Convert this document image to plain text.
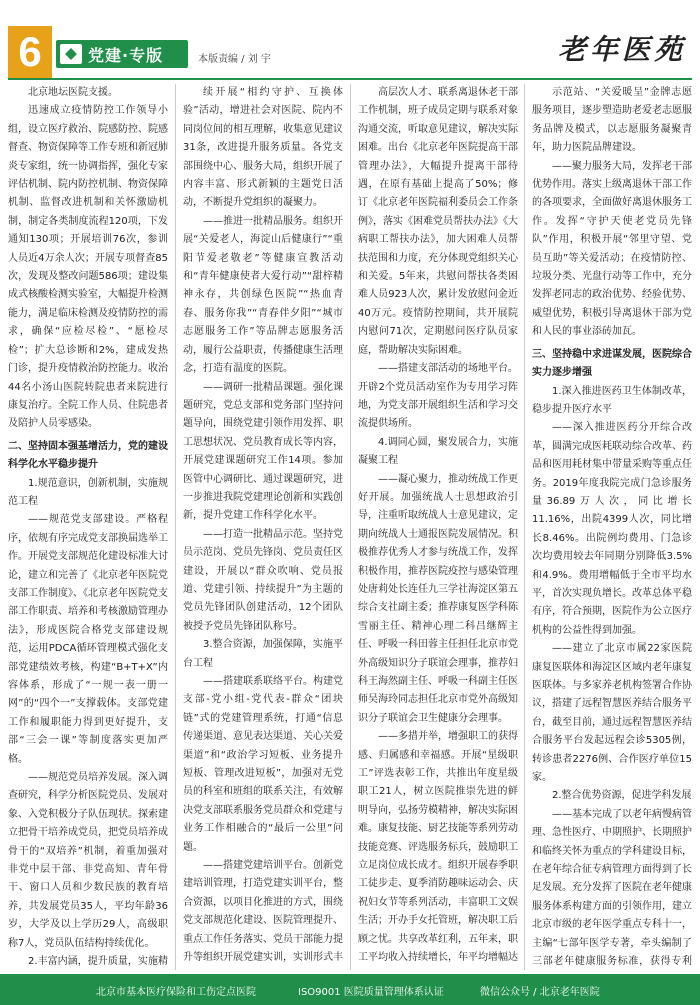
6	党建·专版	本版责编 / 刘 宇	老年医苑

北京地坛医院支援。

迅速成立疫情防控工作领导小组，设立医疗救治、院感防控、院感督查、物资保障等工作专班和新冠肺炎专家组，统一协调指挥，强化专家评估机制、院内防控机制、物资保障机制、监督改进机制和关怀激励机制，制定各类制度流程120项，下发通知130项；开展培训76次，参训人员近4万余人次；开展专项督查85次，发现及整改问题586项；建设集成式核酸检测实验室，大幅提升检测能力，满足临床检测及疫情防控的需求，确保“应检尽检”、“愿检尽检”；扩大总诊断和2%，建成发热门诊，提升疫情救治防控能力。收治44名小汤山医院转院患者来院进行康复治疗。全院工作人员、住院患者及陪护人员零感染。

二、坚持固本强基增活力，党的建设科学化水平稳步提升

1.规范意识，创新机制，实施规范工程

——规范党支部建设。严格程序，依规有序完成党支部换届选举工作。开展党支部规范化建设标准大讨论，建立和完善了《北京老年医院党支部工作制度》、《北京老年医院党支部工作职责、培养和考核激励管理办法》，形成医院合格党支部建设规范，运用PDCA循环管理模式强化支部党建绩效考核，构建“B+T+X”内容体系，形成了“一规一表一册一网”的“四个一”支撑载体。支部党建工作和履职能力得到更好提升，支部“三会一课”等制度落实更加严格。

——规范党员培养发展。深入调查研究，科学分析医院党员、发展对象、入党积极分子队伍现状。探索建立把骨干培养成党员，把党员培养成骨干的“双培养”机制，着重加强对非党中层干部、非党高知、青年骨干、窗口人员和少数民族的教育培养，共发展党员35人，平均年龄36岁，大学及以上学历29人，高级职称7人，党员队伍结构持续优化。

2.丰富内涵，提升质量，实施精

续开展“相约守护、互换体验”活动，增进社会对医院、院内不同岗位间的相互理解，收集意见建议31条，改进提升服务质量。各党支部围绕中心、服务大局，组织开展了内容丰富、形式新颖的主题党日活动，不断提升党组织的凝聚力。

——推进一批精品服务。组织开展“关爱老人，海淀山后健康行”“重阳节爱老敬老”等健康宣教活动和“青年健康使者大爱行动”“甜梓精神永存，共创绿色医院”“热血青春、服务你我”“青春伴夕阳”“城市志愿服务工作”等品牌志愿服务活动，履行公益职责，传播健康生活理念，打造有温度的医院。

——调研一批精品课题。强化课题研究，党总支部和党务部门坚持问题导向，围绕党建引领作用发挥、职工思想状况、党员教育成长等内容，开展党建课题研究工作14项。参加医管中心调研比、通过课题研究，进一步推进我院党建理论创新和实践创新，提升党建工作科学化水平。

——打造一批精品示范。坚持党员示范岗、党员先锋岗、党员责任区建设，开展以“群众吹响、党员报道、党建引领、持续提升”为主题的党员先锋团队创建活动，12个团队被授予党员先锋团队称号。

3.整合资源，加强保障，实施平台工程

——搭建联系联络平台。构建党支部-党小组-党代表-群众“团块链”式的党建管理系统，打通“信息传递渠道、意见表达渠道、关心关爱渠道”和“政治学习短板、业务提升短板、管理改进短板”，加强对无党员的科室和班组的联系关注，有效解决党支部联系服务党员群众和党建与业务工作相融合的“最后一公里”问题。

——搭建党建培训平台。创新党建培训管理，打造党建实训平台，整合资源，以项目化推进的方式，围绕党支部规范化建设、医院管理提升、重点工作任务落实、党员干部能力提升等组织开展党建实训，实训形式丰

高层次人才、联系离退休老干部工作机制，班子成员定期与联系对象沟通交流，听取意见建议，解决实际困难。出台《北京老年医院提高干部管理办法》，大幅提升提离干部待遇，在原有基础上提高了50%；修订《北京老年医院福利委员会工作条例》，落实《困难党员帮扶办法》《大病职工帮扶办法》，加大困难人员帮扶范围和力度，充分体现党组织关心和关爱。5年来，共慰问帮扶各类困难人员923人次，累计发放慰问金近40万元。疫情防控期间，共开展院内慰问71次，定期慰问医疗队员家庭，帮助解决实际困难。

——搭建支部活动的场地平台。开辟2个党员活动室作为专用学习阵地，为党支部开展组织生活和学习交流提供场所。

4.调同心圆，聚发展合力，实施凝聚工程

——凝心聚力，推动统战工作更好开展。加强统战人士思想政治引导，注重听取统战人士意见建议，定期向统战人士通报医院发展情况。积极推荐优秀人才参与统战工作，发挥积极作用，推荐医院疫控与感染管理处唐莉处长连任九三学社海淀区第五综合支社副主委；推荐康复医学科陈雪丽主任、精神心理二科吕继辉主任、呼吸一科田蓉主任担任北京市党外高级知识分子联谊会理事，推荐妇科王海然副主任、呼吸一科副主任医师吴海玲同志担任北京市党外高级知识分子联谊会卫生健康分会理事。

——多措并举，增强职工的获得感、归属感和幸福感。开展“星级职工”评选表彰工作，共推出年度星级职工21人，树立医院推崇先进的鲜明导向，弘扬劳模精神，解决实际困难。康复技能、厨艺技能等系列劳动技能竞赛、评选服务标兵，鼓励职工立足岗位成长成才。组织开展春季职工徒步走、夏季消防趣味运动会、庆祝妇女节等系列活动，丰富职工文娱生活；开办手女托管班，解决职工后顾之忧。共享改革红利，五年来，职工平均收入持续增长，年平均增幅达

示范站、“关爱暖呈”金牌志愿服务项目，逐步塑造助老爱老志愿服务品牌及模式，以志愿服务凝聚青年，助力医院品牌建设。

——聚力服务大局，发挥老干部优势作用。落实上级离退休干部工作的各项要求，全面做好离退休服务工作。发挥“守护天使老党员先锋队”作用，积极开展“邻里守望、党员互助”等关爱活动；在疫情防控、垃圾分类、光盘行动等工作中，充分发挥老同志的政治优势、经验优势、威望优势，积极引导离退休干部为党和人民的事业添砖加瓦。

三、坚持稳中求进谋发展，医院综合实力逐步增强

1.深入推进医药卫生体制改革，稳步提升医疗水平

——深入推进医药分开综合改革，圆满完成医耗联动综合改革、药品和医用耗材集中带量采购等重点任务。2019年度我院完成门急诊服务量36.89万人次，同比增长11.16%，出院4399人次，同比增长8.46%。出院例均费用、门急诊次均费用较去年同期分别降低3.5%和4.9%。费用增幅低于全市平均水平，首次实现负增长。改革总体平稳有序，符合预期，医院作为公立医疗机构的公益性得到加强。

——建立了北京市属22家医院康复医联体和海淀区区域内老年康复医联体。与多家养老机构签署合作协议，搭建了远程智慧医养结合服务平台，截至目前，通过远程智慧医养结合服务平台发起远程会诊5305例，转诊患者2276例、合作医疗单位15家。

2.整合优势资源，促进学科发展

——基本完成了以老年病慢病管理、急性医疗、中期照护、长期照护和临终关怀为重点的学科建设目标，在老年综合征专病管理方面得到了长足发展。充分发挥了医院在老年健康服务体系构建方面的引领作用，建立北京市级的老年医学重点专科十一，主编“七部年医学专著，牵头编制了三部老年健康服务标准，获得专利

北京市基本医疗保险和工伤定点医院	ISO9001 医院质量管理体系认证	微信公众号 / 北京老年医院
